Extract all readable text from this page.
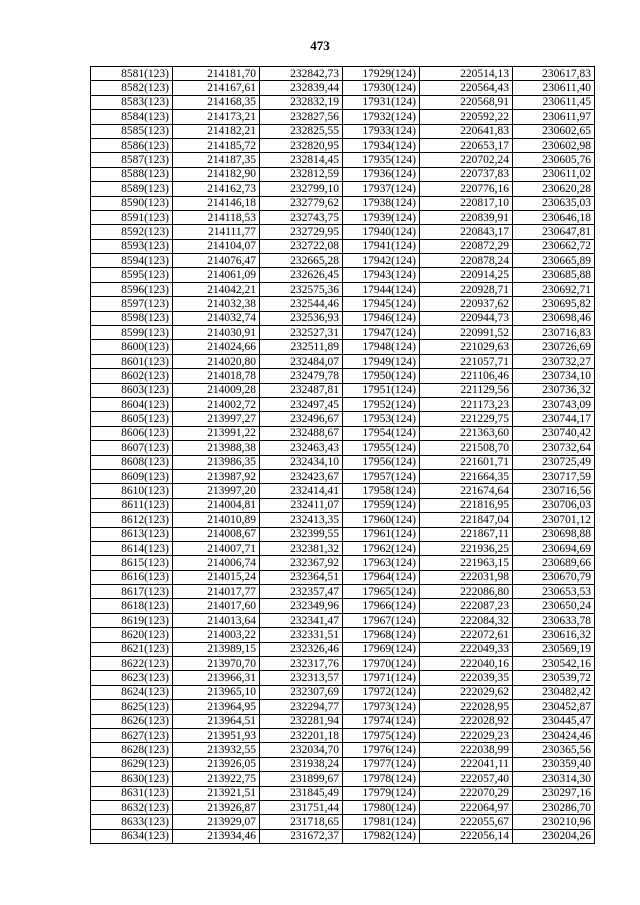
473
8581(123)	214181,70	232842,73	17929(124)	220514,13	230617,83
8582(123)	214167,61	232839,44	17930(124)	220564,43	230611,40
8583(123)	214168,35	232832,19	17931(124)	220568,91	230611,45
8584(123)	214173,21	232827,56	17932(124)	220592,22	230611,97
8585(123)	214182,21	232825,55	17933(124)	220641,83	230602,65
8586(123)	214185,72	232820,95	17934(124)	220653,17	230602,98
8587(123)	214187,35	232814,45	17935(124)	220702,24	230605,76
8588(123)	214182,90	232812,59	17936(124)	220737,83	230611,02
8589(123)	214162,73	232799,10	17937(124)	220776,16	230620,28
8590(123)	214146,18	232779,62	17938(124)	220817,10	230635,03
8591(123)	214118,53	232743,75	17939(124)	220839,91	230646,18
8592(123)	214111,77	232729,95	17940(124)	220843,17	230647,81
8593(123)	214104,07	232722,08	17941(124)	220872,29	230662,72
8594(123)	214076,47	232665,28	17942(124)	220878,24	230665,89
8595(123)	214061,09	232626,45	17943(124)	220914,25	230685,88
8596(123)	214042,21	232575,36	17944(124)	220928,71	230692,71
8597(123)	214032,38	232544,46	17945(124)	220937,62	230695,82
8598(123)	214032,74	232536,93	17946(124)	220944,73	230698,46
8599(123)	214030,91	232527,31	17947(124)	220991,52	230716,83
8600(123)	214024,66	232511,89	17948(124)	221029,63	230726,69
8601(123)	214020,80	232484,07	17949(124)	221057,71	230732,27
8602(123)	214018,78	232479,78	17950(124)	221106,46	230734,10
8603(123)	214009,28	232487,81	17951(124)	221129,56	230736,32
8604(123)	214002,72	232497,45	17952(124)	221173,23	230743,09
8605(123)	213997,27	232496,67	17953(124)	221229,75	230744,17
8606(123)	213991,22	232488,67	17954(124)	221363,60	230740,42
8607(123)	213988,38	232463,43	17955(124)	221508,70	230732,64
8608(123)	213986,35	232434,10	17956(124)	221601,71	230725,49
8609(123)	213987,92	232423,67	17957(124)	221664,35	230717,59
8610(123)	213997,20	232414,41	17958(124)	221674,64	230716,56
8611(123)	214004,81	232411,07	17959(124)	221816,95	230706,03
8612(123)	214010,89	232413,35	17960(124)	221847,04	230701,12
8613(123)	214008,67	232399,55	17961(124)	221867,11	230698,88
8614(123)	214007,71	232381,32	17962(124)	221936,25	230694,69
8615(123)	214006,74	232367,92	17963(124)	221963,15	230689,66
8616(123)	214015,24	232364,51	17964(124)	222031,98	230670,79
8617(123)	214017,77	232357,47	17965(124)	222086,80	230653,53
8618(123)	214017,60	232349,96	17966(124)	222087,23	230650,24
8619(123)	214013,64	232341,47	17967(124)	222084,32	230633,78
8620(123)	214003,22	232331,51	17968(124)	222072,61	230616,32
8621(123)	213989,15	232326,46	17969(124)	222049,33	230569,19
8622(123)	213970,70	232317,76	17970(124)	222040,16	230542,16
8623(123)	213966,31	232313,57	17971(124)	222039,35	230539,72
8624(123)	213965,10	232307,69	17972(124)	222029,62	230482,42
8625(123)	213964,95	232294,77	17973(124)	222028,95	230452,87
8626(123)	213964,51	232281,94	17974(124)	222028,92	230445,47
8627(123)	213951,93	232201,18	17975(124)	222029,23	230424,46
8628(123)	213932,55	232034,70	17976(124)	222038,99	230365,56
8629(123)	213926,05	231938,24	17977(124)	222041,11	230359,40
8630(123)	213922,75	231899,67	17978(124)	222057,40	230314,30
8631(123)	213921,51	231845,49	17979(124)	222070,29	230297,16
8632(123)	213926,87	231751,44	17980(124)	222064,97	230286,70
8633(123)	213929,07	231718,65	17981(124)	222055,67	230210,96
8634(123)	213934,46	231672,37	17982(124)	222056,14	230204,26
